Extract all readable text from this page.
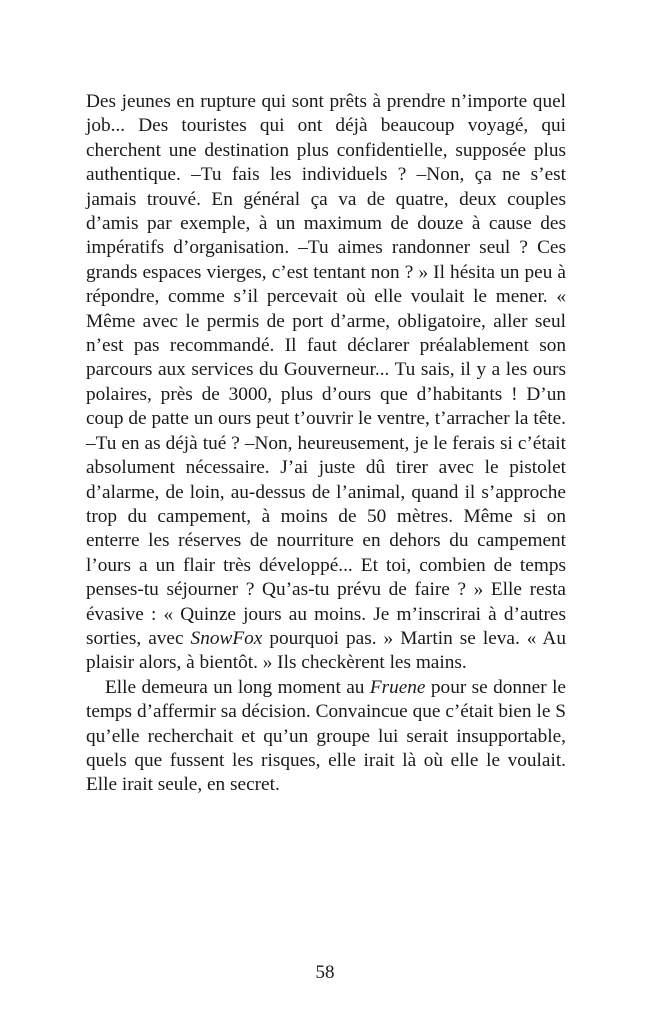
Des jeunes en rupture qui sont prêts à prendre n’importe quel job... Des touristes qui ont déjà beaucoup voyagé, qui cherchent une destination plus confidentielle, supposée plus authentique. –Tu fais les individuels ? –Non, ça ne s’est jamais trouvé. En général ça va de quatre, deux couples d’amis par exemple, à un maximum de douze à cause des impératifs d’organisation. –Tu aimes randonner seul ? Ces grands espaces vierges, c’est tentant non ? » Il hésita un peu à répondre, comme s’il percevait où elle voulait le mener. « Même avec le permis de port d’arme, obligatoire, aller seul n’est pas recommandé. Il faut déclarer préalablement son parcours aux services du Gouverneur... Tu sais, il y a les ours polaires, près de 3000, plus d’ours que d’habitants ! D’un coup de patte un ours peut t’ouvrir le ventre, t’arracher la tête. –Tu en as déjà tué ? –Non, heureusement, je le ferais si c’était absolument nécessaire. J’ai juste dû tirer avec le pistolet d’alarme, de loin, au-dessus de l’animal, quand il s’approche trop du campement, à moins de 50 mètres. Même si on enterre les réserves de nourriture en dehors du campement l’ours a un flair très développé... Et toi, combien de temps penses-tu séjourner ? Qu’as-tu prévu de faire ? » Elle resta évasive : « Quinze jours au moins. Je m’inscrirai à d’autres sorties, avec SnowFox pourquoi pas. » Martin se leva. « Au plaisir alors, à bientôt. » Ils checkèrent les mains.

Elle demeura un long moment au Fruene pour se donner le temps d’affermir sa décision. Convaincue que c’était bien le S qu’elle recherchait et qu’un groupe lui serait insupportable, quels que fussent les risques, elle irait là où elle le voulait. Elle irait seule, en secret.

58
